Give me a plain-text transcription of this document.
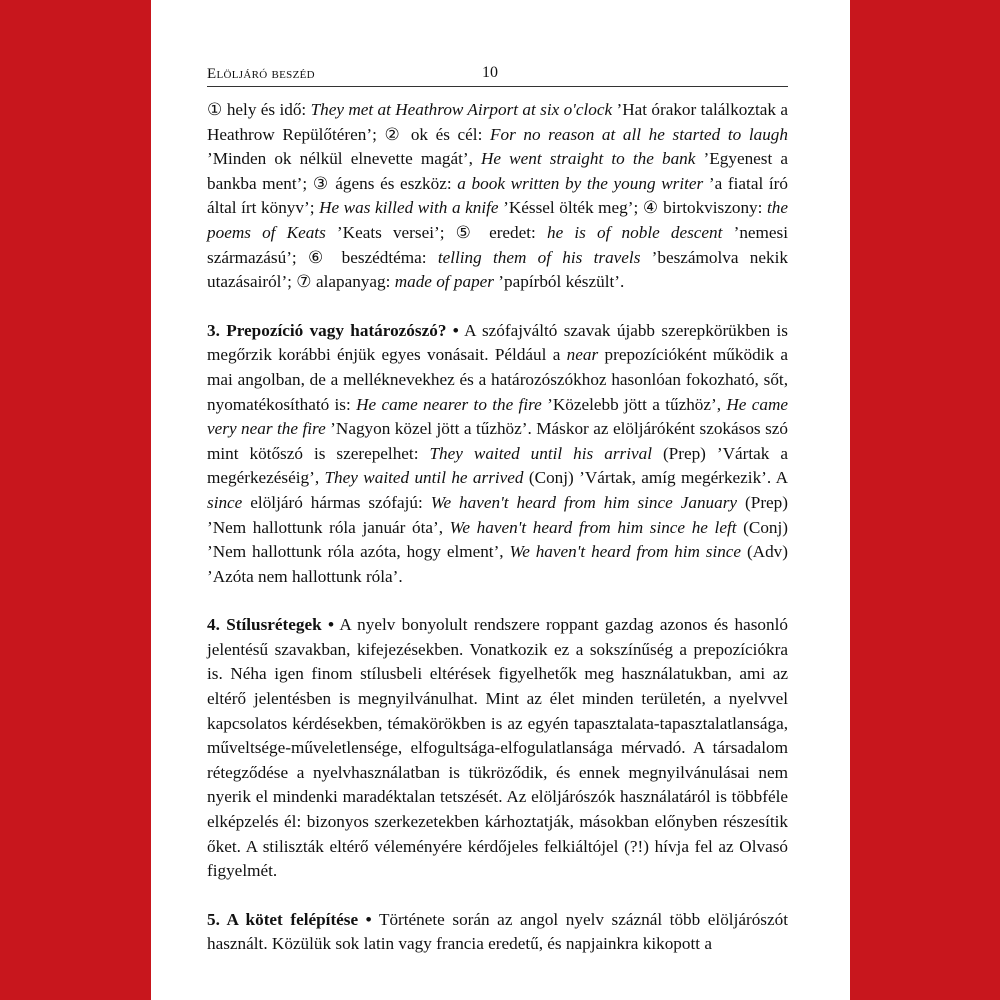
Elöljáró beszéd	10

① hely és idő: They met at Heathrow Airport at six o'clock ’Hat órakor találkoztak a Heathrow Repülőtéren’; ② ok és cél: For no reason at all he started to laugh ’Minden ok nélkül elnevette magát’, He went straight to the bank ’Egyenest a bankba ment’; ③ ágens és eszköz: a book written by the young writer ’a fiatal író által írt könyv’; He was killed with a knife ’Késsel ölték meg’; ④ birtokviszony: the poems of Keats ’Keats versei’; ⑤ eredet: he is of noble descent ’nemesi származású’; ⑥ beszédtéma: telling them of his travels ’beszámolva nekik utazásairól’; ⑦ alapanyag: made of paper ’papírból készült’.

3. Prepozíció vagy határozószó? • A szófajváltó szavak újabb szerepkörükben is megőrzik korábbi énjük egyes vonásait. Például a near prepozícióként működik a mai angolban, de a melléknevekhez és a határozószókhoz hasonlóan fokozható, sőt, nyomatékosítható is: He came nearer to the fire ’Közelebb jött a tűzhöz’, He came very near the fire ’Nagyon közel jött a tűzhöz’. Máskor az elöljáróként szokásos szó mint kötőszó is szerepelhet: They waited until his arrival (Prep) ’Vártak a megérkezéséig’, They waited until he arrived (Conj) ’Vártak, amíg megérkezik’. A since elöljáró hármas szófajú: We haven't heard from him since January (Prep) ’Nem hallottunk róla január óta’, We haven't heard from him since he left (Conj) ’Nem hallottunk róla azóta, hogy elment’, We haven't heard from him since (Adv) ’Azóta nem hallottunk róla’.

4. Stílusrétegek • A nyelv bonyolult rendszere roppant gazdag azonos és hasonló jelentésű szavakban, kifejezésekben. Vonatkozik ez a sokszínűség a prepozíciókra is. Néha igen finom stílusbeli eltérések figyelhetők meg használatukban, ami az eltérő jelentésben is megnyilvánulhat. Mint az élet minden területén, a nyelvvel kapcsolatos kérdésekben, témakörökben is az egyén tapasztalata-tapasztalatlansága, műveltsége-műveletlensége, elfogultsága-elfogulatlansága mérvadó. A társadalom rétegződése a nyelvhasználatban is tükröződik, és ennek megnyilvánulásai nem nyerik el mindenki maradéktalan tetszését. Az elöljárószók használatáról is többféle elképzelés él: bizonyos szerkezetekben kárhoztatják, másokban előnyben részesítik őket. A stiliszták eltérő véleményére kérdőjeles felkiáltójel (?!) hívja fel az Olvasó figyelmét.

5. A kötet felépítése • Története során az angol nyelv száznál több elöljárószót használt. Közülük sok latin vagy francia eredetű, és napjainkra kikopott a
